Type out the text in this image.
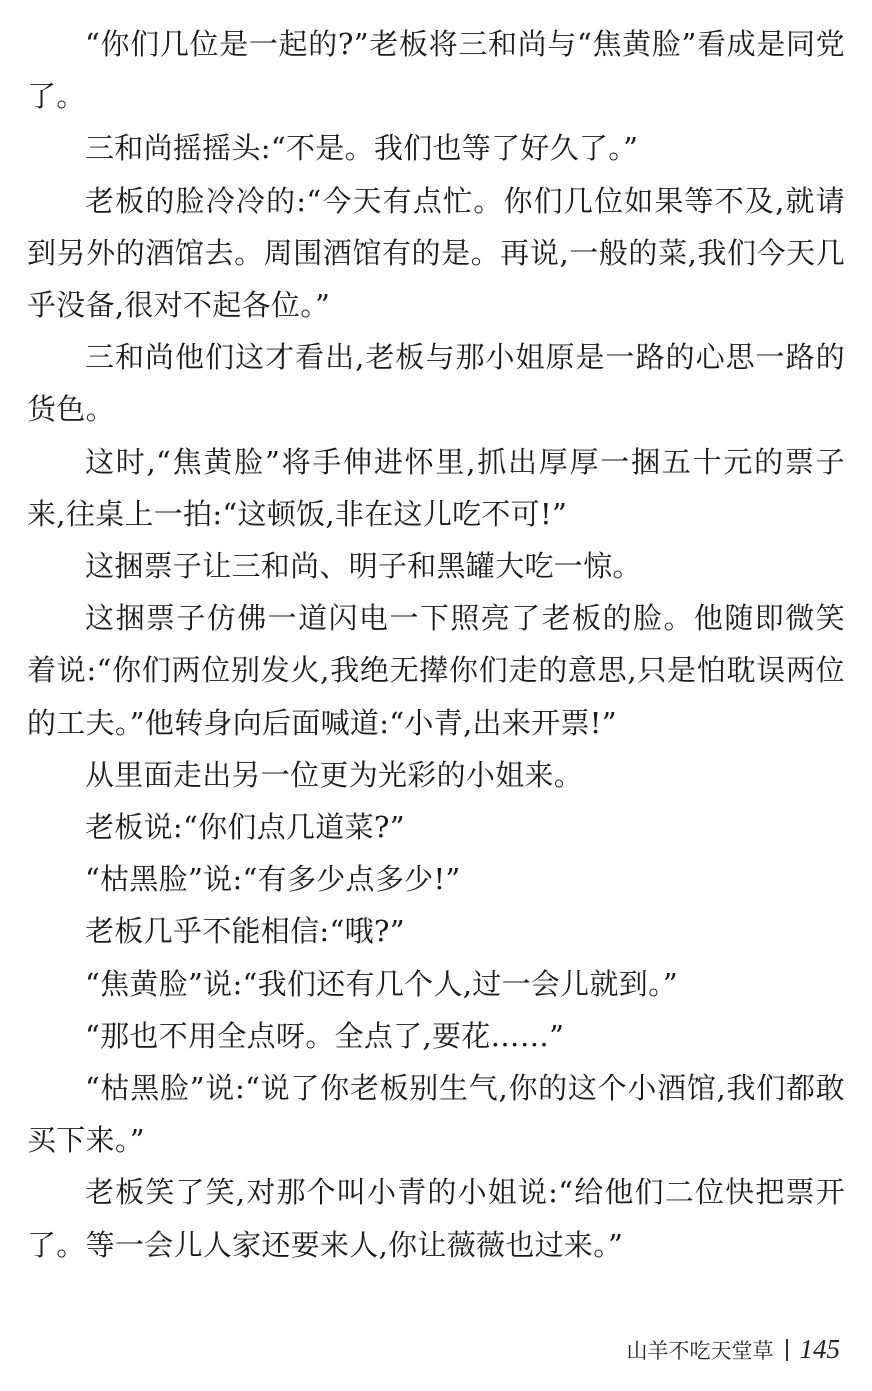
“你们几位是一起的?”老板将三和尚与“焦黄脸”看成是同党了。

三和尚摇摇头:“不是。我们也等了好久了。”

老板的脸冷冷的:“今天有点忙。你们几位如果等不及,就请到另外的酒馆去。周围酒馆有的是。再说,一般的菜,我们今天几乎没备,很对不起各位。”

三和尚他们这才看出,老板与那小姐原是一路的心思一路的货色。

这时,“焦黄脸”将手伸进怀里,抓出厚厚一捆五十元的票子来,往桌上一拍:“这顿饭,非在这儿吃不可!”

这捆票子让三和尚、明子和黑罐大吃一惊。

这捆票子仿佛一道闪电一下照亮了老板的脸。他随即微笑着说:“你们两位别发火,我绝无撵你们走的意思,只是怕耽误两位的工夫。”他转身向后面喊道:“小青,出来开票!”

从里面走出另一位更为光彩的小姐来。

老板说:“你们点几道菜?”

“枯黑脸”说:“有多少点多少!”

老板几乎不能相信:“哦?”

“焦黄脸”说:“我们还有几个人,过一会儿就到。”

“那也不用全点呀。全点了,要花……”

“枯黑脸”说:“说了你老板别生气,你的这个小酒馆,我们都敢买下来。”

老板笑了笑,对那个叫小青的小姐说:“给他们二位快把票开了。等一会儿人家还要来人,你让薇薇也过来。”

山羊不吃天堂草 145
